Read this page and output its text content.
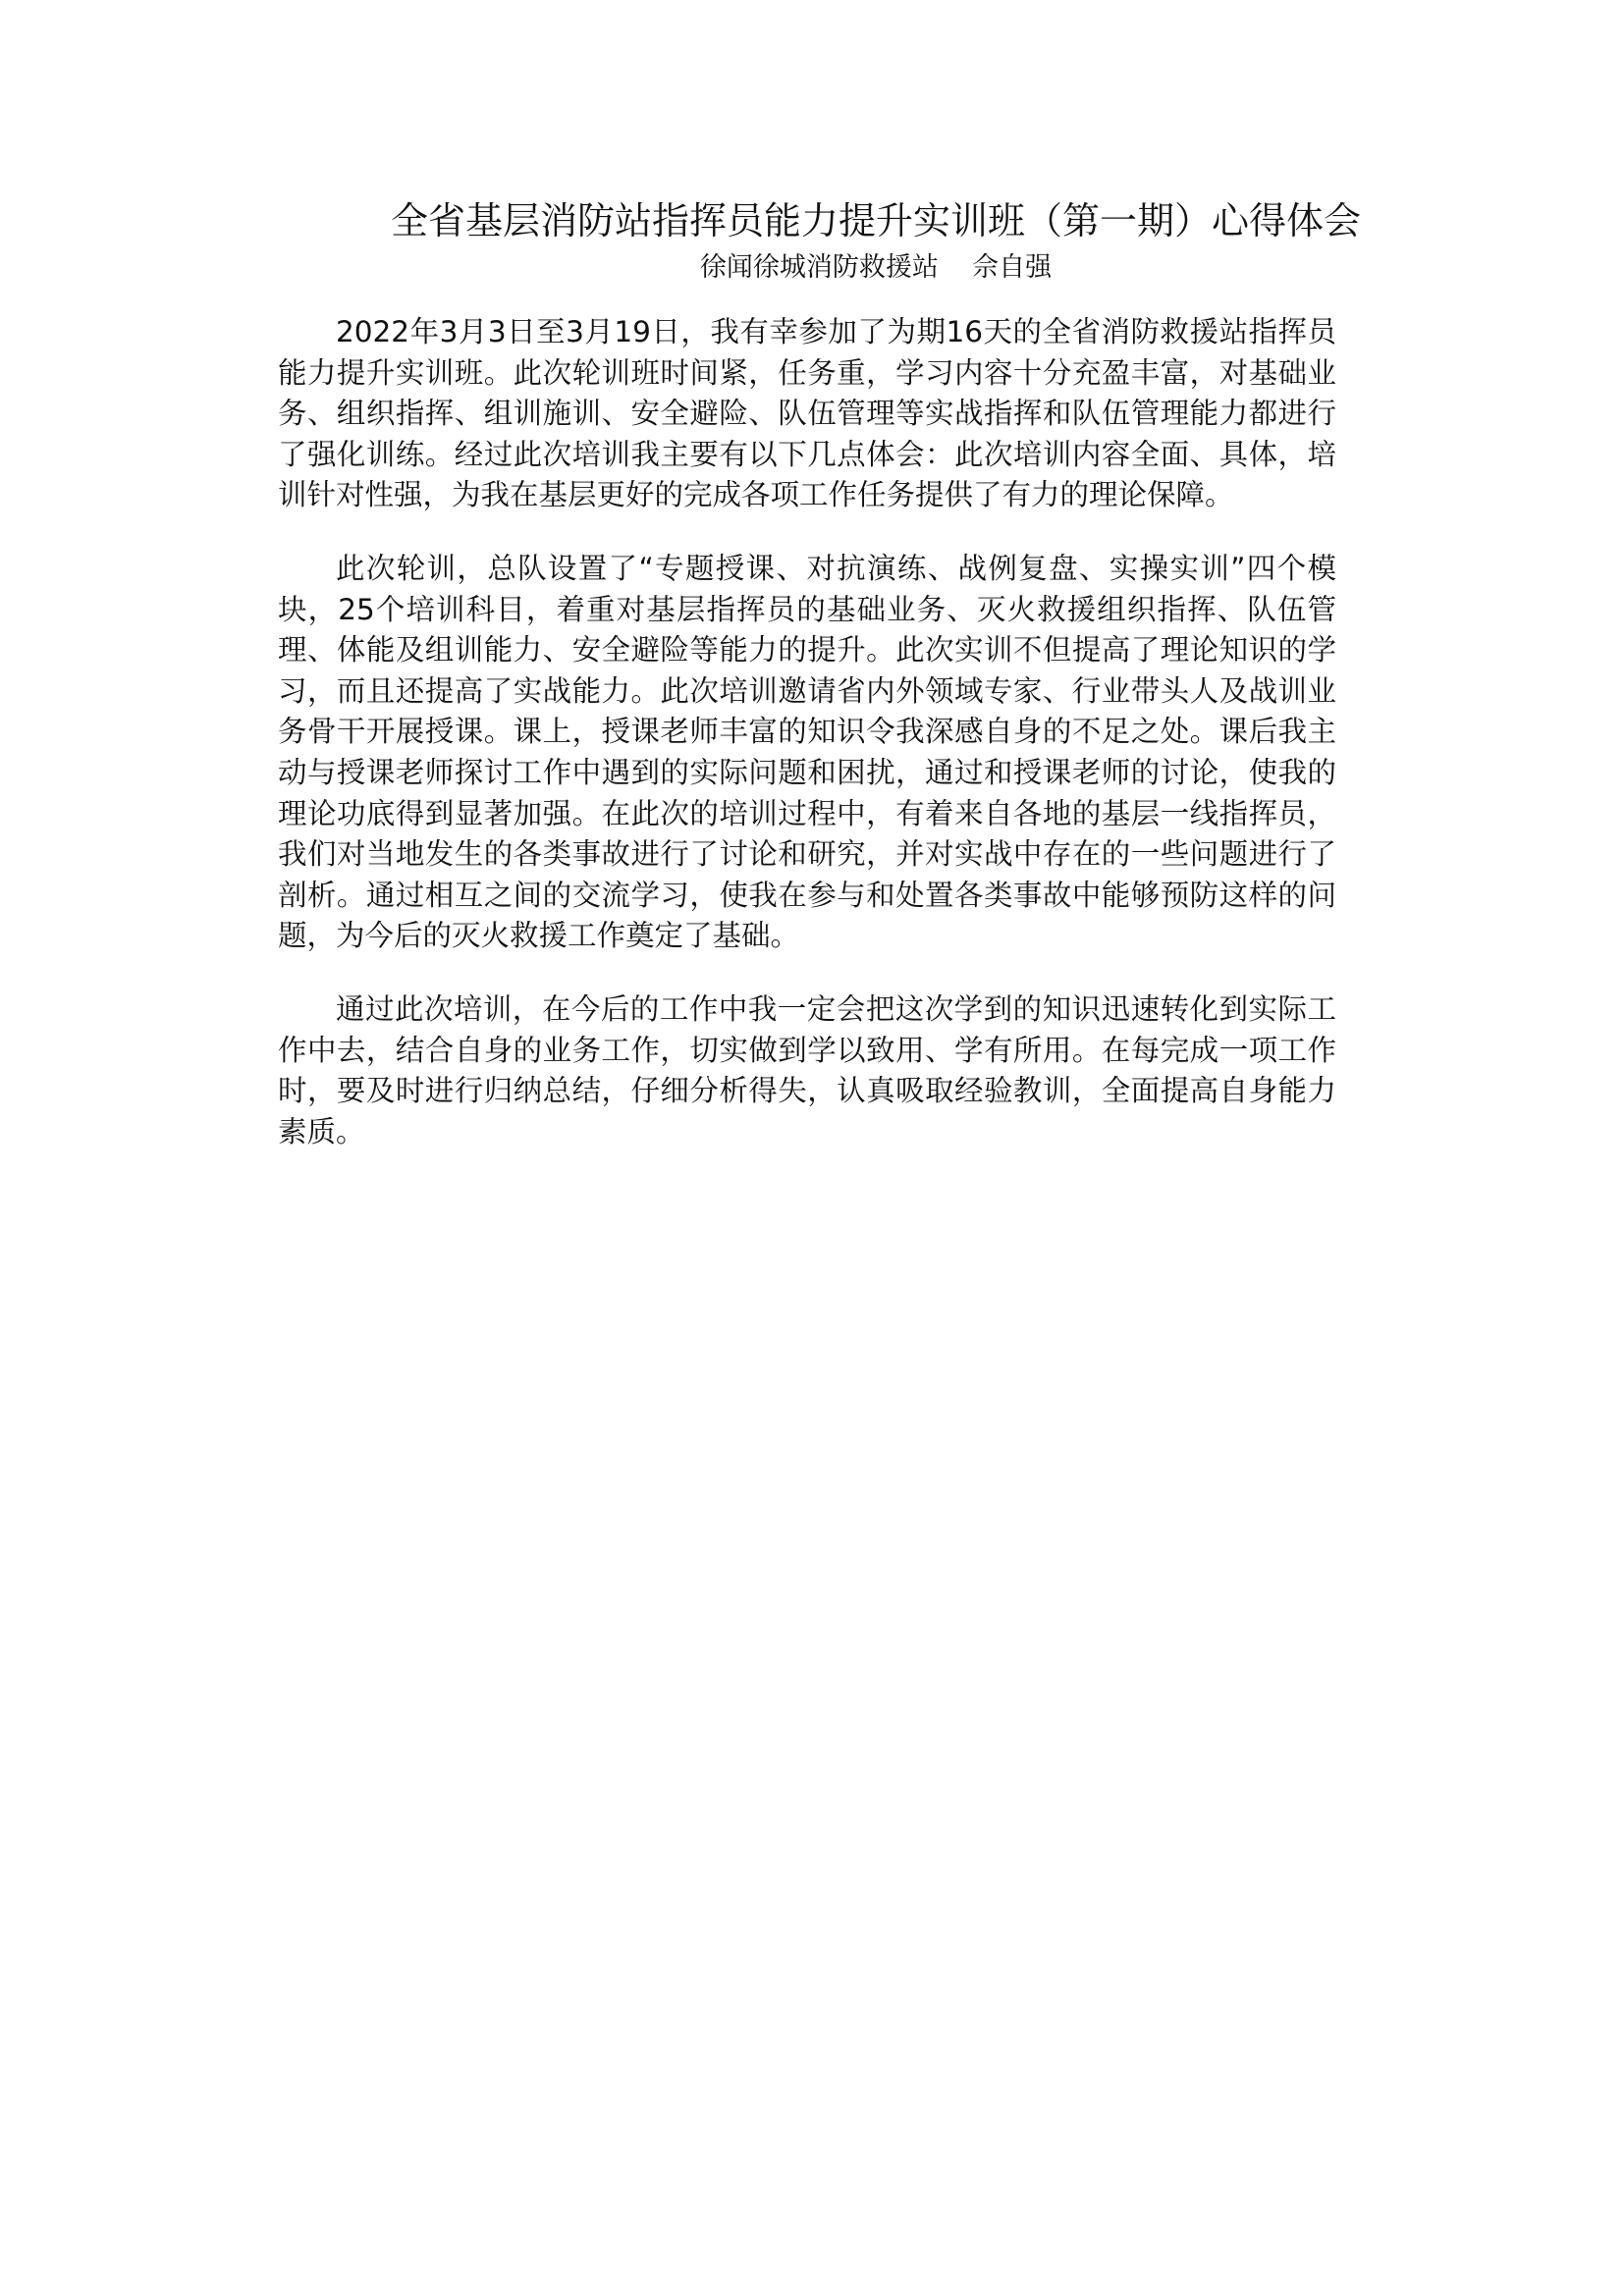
全省基层消防站指挥员能力提升实训班（第一期）心得体会
徐闻徐城消防救援站    佘自强

2022年3月3日至3月19日，我有幸参加了为期16天的全省消防救援站指挥员能力提升实训班。此次轮训班时间紧，任务重，学习内容十分充盈丰富，对基础业务、组织指挥、组训施训、安全避险、队伍管理等实战指挥和队伍管理能力都进行了强化训练。经过此次培训我主要有以下几点体会：此次培训内容全面、具体，培训针对性强，为我在基层更好的完成各项工作任务提供了有力的理论保障。

此次轮训，总队设置了“专题授课、对抗演练、战例复盘、实操实训”四个模块，25个培训科目，着重对基层指挥员的基础业务、灭火救援组织指挥、队伍管理、体能及组训能力、安全避险等能力的提升。此次实训不但提高了理论知识的学习，而且还提高了实战能力。此次培训邀请省内外领域专家、行业带头人及战训业务骨干开展授课。课上，授课老师丰富的知识令我深感自身的不足之处。课后我主动与授课老师探讨工作中遇到的实际问题和困扰，通过和授课老师的讨论，使我的理论功底得到显著加强。在此次的培训过程中，有着来自各地的基层一线指挥员，我们对当地发生的各类事故进行了讨论和研究，并对实战中存在的一些问题进行了剖析。通过相互之间的交流学习，使我在参与和处置各类事故中能够预防这样的问题，为今后的灭火救援工作奠定了基础。

通过此次培训，在今后的工作中我一定会把这次学到的知识迅速转化到实际工作中去，结合自身的业务工作，切实做到学以致用、学有所用。在每完成一项工作时，要及时进行归纳总结，仔细分析得失，认真吸取经验教训，全面提高自身能力素质。
